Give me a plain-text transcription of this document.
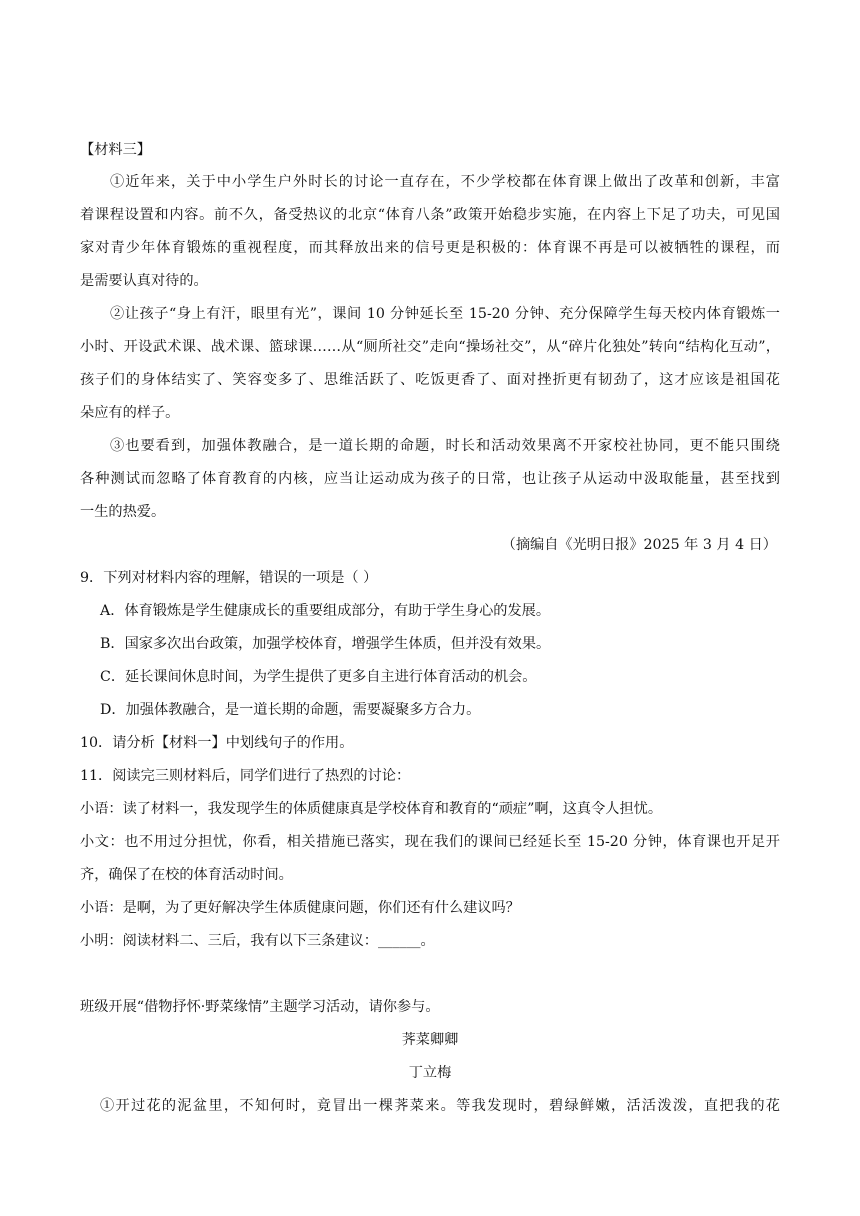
【材料三】
①近年来，关于中小学生户外时长的讨论一直存在，不少学校都在体育课上做出了改革和创新，丰富
着课程设置和内容。前不久，备受热议的北京“体育八条”政策开始稳步实施，在内容上下足了功夫，可见国
家对青少年体育锻炼的重视程度，而其释放出来的信号更是积极的：体育课不再是可以被牺牲的课程，而
是需要认真对待的。
②让孩子“身上有汗，眼里有光”，课间 10 分钟延长至 15-20 分钟、充分保障学生每天校内体育锻炼一
小时、开设武术课、战术课、篮球课……从“厕所社交”走向“操场社交”，从“碎片化独处”转向“结构化互动”，
孩子们的身体结实了、笑容变多了、思维活跃了、吃饭更香了、面对挫折更有韧劲了，这才应该是祖国花
朵应有的样子。
③也要看到，加强体教融合，是一道长期的命题，时长和活动效果离不开家校社协同，更不能只围绕
各种测试而忽略了体育教育的内核，应当让运动成为孩子的日常，也让孩子从运动中汲取能量，甚至找到
一生的热爱。
（摘编自《光明日报》2025 年 3 月 4 日）
9．下列对材料内容的理解，错误的一项是（ ）
A．体育锻炼是学生健康成长的重要组成部分，有助于学生身心的发展。
B．国家多次出台政策，加强学校体育，增强学生体质，但并没有效果。
C．延长课间休息时间，为学生提供了更多自主进行体育活动的机会。
D．加强体教融合，是一道长期的命题，需要凝聚多方合力。
10．请分析【材料一】中划线句子的作用。
11．阅读完三则材料后，同学们进行了热烈的讨论：
小语：读了材料一，我发现学生的体质健康真是学校体育和教育的“顽症”啊，这真令人担忧。
小文：也不用过分担忧，你看，相关措施已落实，现在我们的课间已经延长至 15-20 分钟，体育课也开足开
齐，确保了在校的体育活动时间。
小语：是啊，为了更好解决学生体质健康问题，你们还有什么建议吗？
小明：阅读材料二、三后，我有以下三条建议：______。
班级开展“借物抒怀·野菜缘情”主题学习活动，请你参与。
荠菜卿卿
丁立梅
①开过花的泥盆里，不知何时，竟冒出一棵荠菜来。等我发现时，碧绿鲜嫩，活活泼泼，直把我的花
